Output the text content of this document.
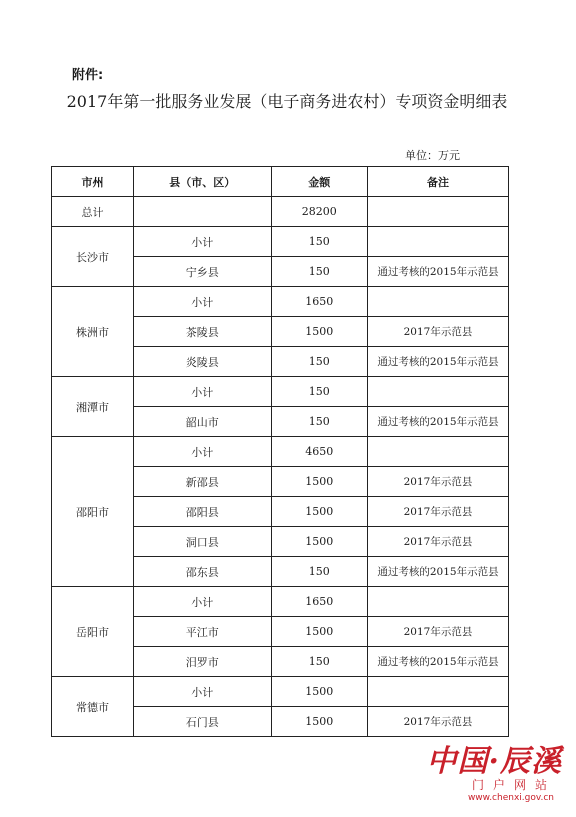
附件:
2017年第一批服务业发展（电子商务进农村）专项资金明细表
单位：万元
市州	县（市、区）	金额	备注
总计		28200	
长沙市	小计	150	
	宁乡县	150	通过考核的2015年示范县
株洲市	小计	1650	
	茶陵县	1500	2017年示范县
	炎陵县	150	通过考核的2015年示范县
湘潭市	小计	150	
	韶山市	150	通过考核的2015年示范县
邵阳市	小计	4650	
	新邵县	1500	2017年示范县
	邵阳县	1500	2017年示范县
	洞口县	1500	2017年示范县
	邵东县	150	通过考核的2015年示范县
岳阳市	小计	1650	
	平江市	1500	2017年示范县
	汨罗市	150	通过考核的2015年示范县
常德市	小计	1500	
	石门县	1500	2017年示范县
中国·辰溪
门户网站
www.chenxi.gov.cn
